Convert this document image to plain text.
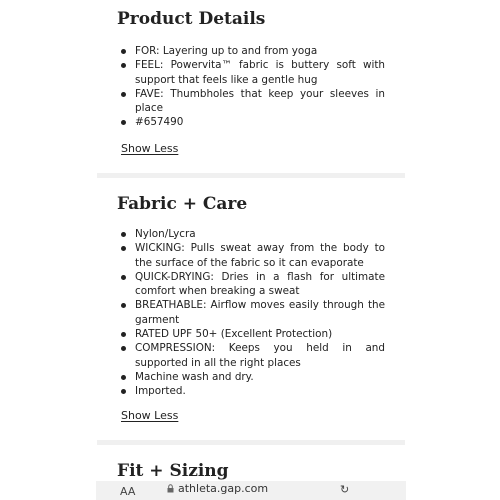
Product Details
FOR: Layering up to and from yoga
FEEL: Powervita™ fabric is buttery soft with support that feels like a gentle hug
FAVE: Thumbholes that keep your sleeves in place
#657490
Show Less
Fabric + Care
Nylon/Lycra
WICKING: Pulls sweat away from the body to the surface of the fabric so it can evaporate
QUICK-DRYING: Dries in a flash for ultimate comfort when breaking a sweat
BREATHABLE: Airflow moves easily through the garment
RATED UPF 50+ (Excellent Protection)
COMPRESSION: Keeps you held in and supported in all the right places
Machine wash and dry.
Imported.
Show Less
Fit + Sizing
AA	athleta.gap.com	↻
